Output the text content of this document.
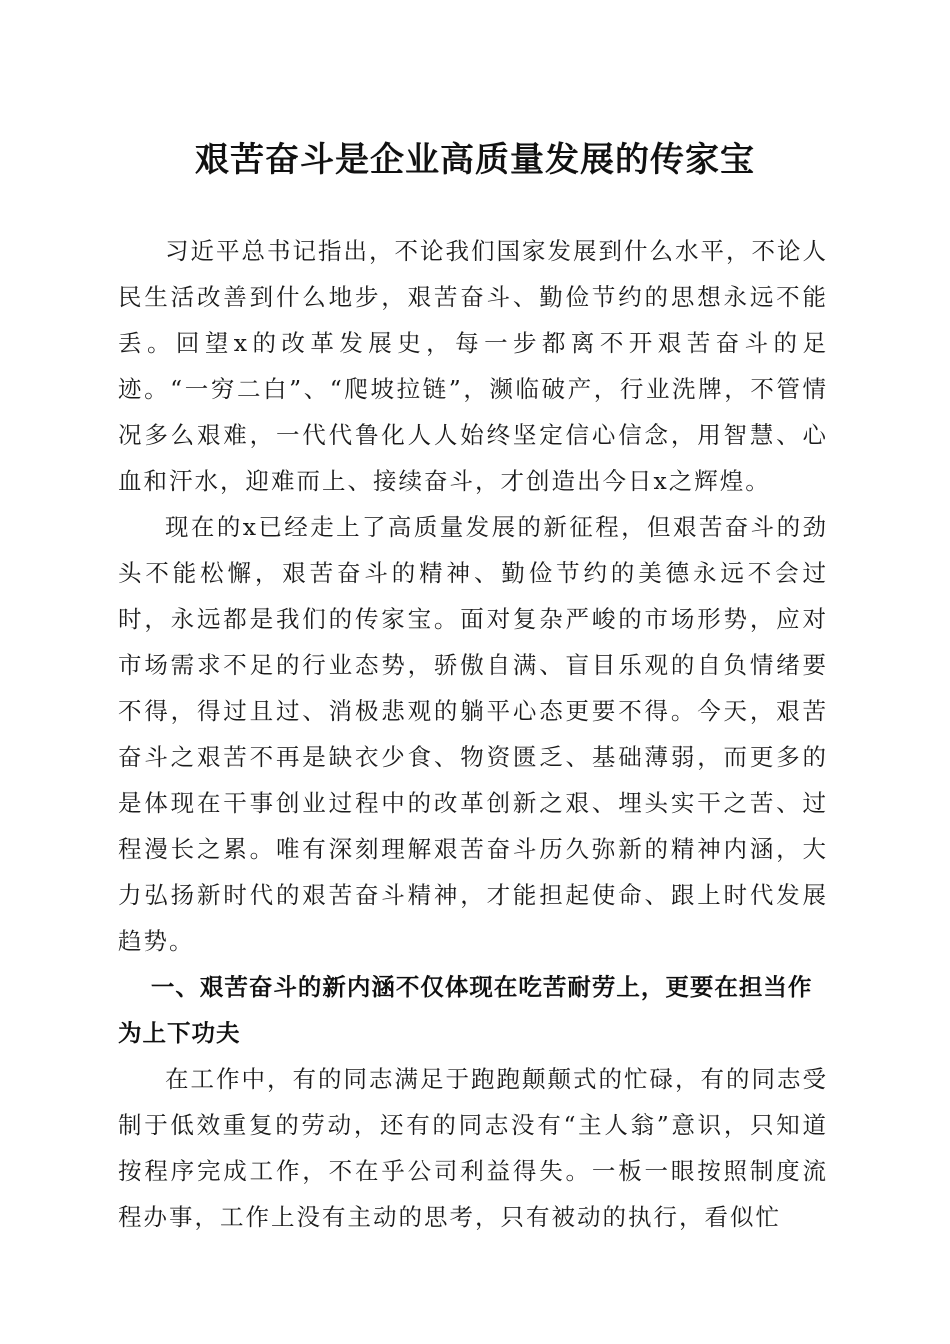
艰苦奋斗是企业高质量发展的传家宝

习近平总书记指出，不论我们国家发展到什么水平，不论人民生活改善到什么地步，艰苦奋斗、勤俭节约的思想永远不能丢。回望x的改革发展史，每一步都离不开艰苦奋斗的足迹。“一穷二白”、“爬坡拉链”，濒临破产，行业洗牌，不管情况多么艰难，一代代鲁化人人始终坚定信心信念，用智慧、心血和汗水，迎难而上、接续奋斗，才创造出今日x之辉煌。

现在的x已经走上了高质量发展的新征程，但艰苦奋斗的劲头不能松懈，艰苦奋斗的精神、勤俭节约的美德永远不会过时，永远都是我们的传家宝。面对复杂严峻的市场形势，应对市场需求不足的行业态势，骄傲自满、盲目乐观的自负情绪要不得，得过且过、消极悲观的躺平心态更要不得。今天，艰苦奋斗之艰苦不再是缺衣少食、物资匮乏、基础薄弱，而更多的是体现在干事创业过程中的改革创新之艰、埋头实干之苦、过程漫长之累。唯有深刻理解艰苦奋斗历久弥新的精神内涵，大力弘扬新时代的艰苦奋斗精神，才能担起使命、跟上时代发展趋势。

一、艰苦奋斗的新内涵不仅体现在吃苦耐劳上，更要在担当作为上下功夫

在工作中，有的同志满足于跑跑颠颠式的忙碌，有的同志受制于低效重复的劳动，还有的同志没有“主人翁”意识，只知道按程序完成工作，不在乎公司利益得失。一板一眼按照制度流程办事，工作上没有主动的思考，只有被动的执行，看似忙
